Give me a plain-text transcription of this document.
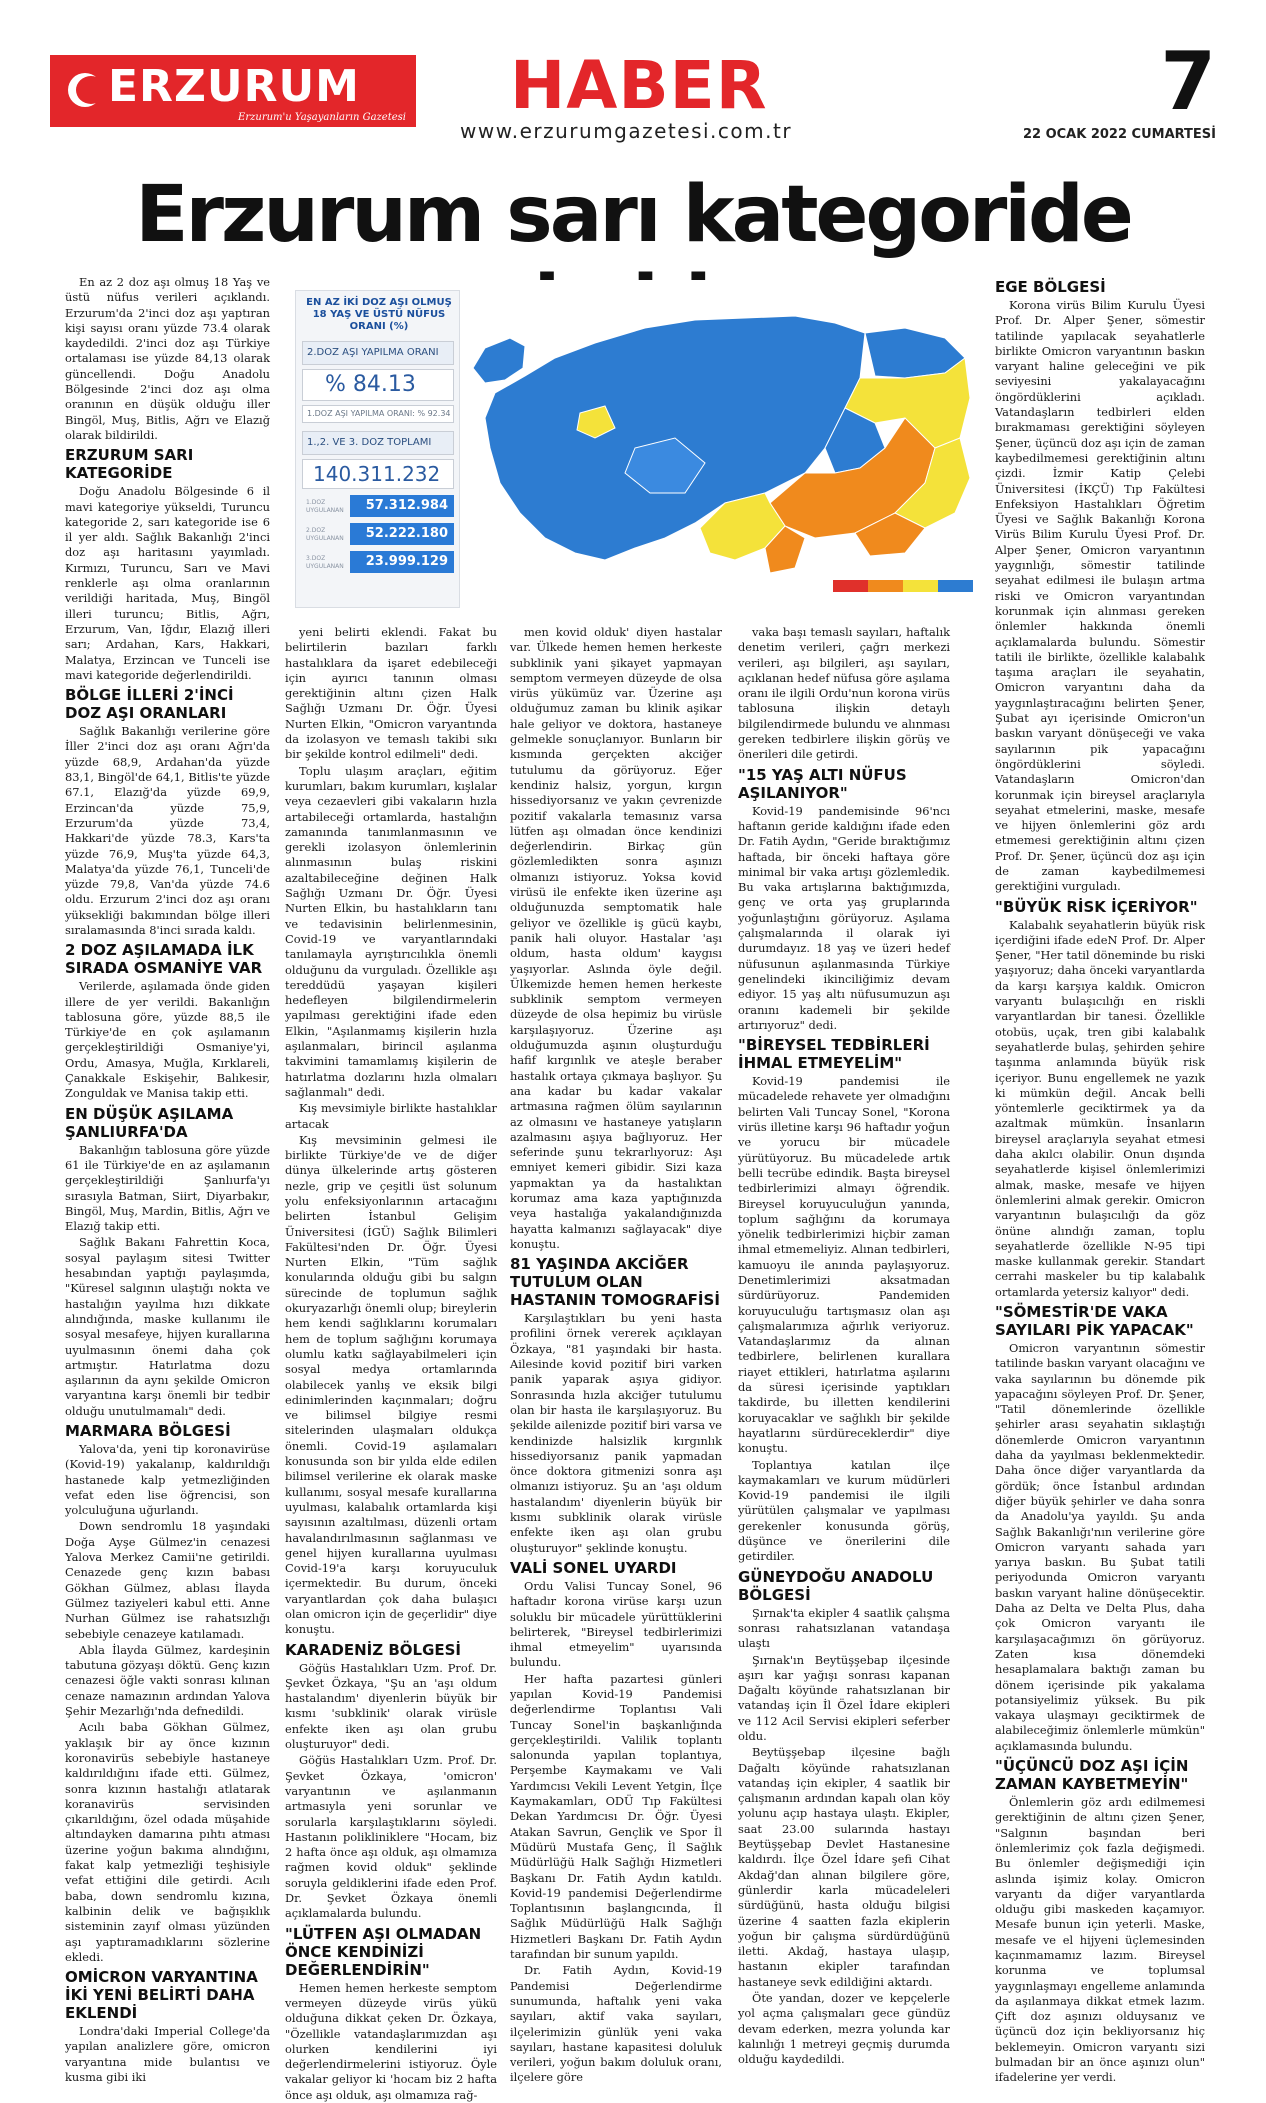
ERZURUM
Erzurum'u Yaşayanların Gazetesi HABER
www.erzurumgazetesi.com.tr
7
22 OCAK 2022 CUMARTESİ
Erzurum sarı kategoride
EN AZ İKİ DOZ AŞI OLMUŞ 18 YAŞ VE ÜSTÜ NÜFUS ORANI (%)
2.DOZ AŞI YAPILMA ORANI
% 84.13
1.DOZ AŞI YAPILMA ORANI: % 92.34
1.,2. VE 3. DOZ TOPLAMI
140.311.232
1.DOZ UYGULANAN	57.312.984
2.DOZ UYGULANAN	52.222.180
3.DOZ UYGULANAN	23.999.129

En az 2 doz aşı olmuş 18 Yaş ve üstü nüfus verileri açıklandı. Erzurum'da 2'inci doz aşı yaptıran kişi sayısı oranı yüzde 73.4 olarak kaydedildi. 2'inci doz aşı Türkiye ortalaması ise yüzde 84,13 olarak güncellendi. Doğu Anadolu Bölgesinde 2'inci doz aşı olma oranının en düşük olduğu iller Bingöl, Muş, Bitlis, Ağrı ve Elazığ olarak bildirildi.

ERZURUM SARI KATEGORİDE

Doğu Anadolu Bölgesinde 6 il mavi kategoriye yükseldi, Turuncu kategoride 2, sarı kategoride ise 6 il yer aldı. Sağlık Bakanlığı 2'inci doz aşı haritasını yayımladı. Kırmızı, Turuncu, Sarı ve Mavi renklerle aşı olma oranlarının verildiği haritada, Muş, Bingöl illeri turuncu; Bitlis, Ağrı, Erzurum, Van, Iğdır, Elazığ illeri sarı; Ardahan, Kars, Hakkari, Malatya, Erzincan ve Tunceli ise mavi kategoride değerlendirildi.

BÖLGE İLLERİ 2'İNCİ DOZ AŞI ORANLARI

Sağlık Bakanlığı verilerine göre İller 2'inci doz aşı oranı Ağrı'da yüzde 68,9, Ardahan'da yüzde 83,1, Bingöl'de 64,1, Bitlis'te yüzde 67.1, Elazığ'da yüzde 69,9, Erzincan'da yüzde 75,9, Erzurum'da yüzde 73,4, Hakkari'de yüzde 78.3, Kars'ta yüzde 76,9, Muş'ta yüzde 64,3, Malatya'da yüzde 76,1, Tunceli'de yüzde 79,8, Van'da yüzde 74.6 oldu. Erzurum 2'inci doz aşı oranı yüksekliği bakımından bölge illeri sıralamasında 8'inci sırada kaldı.

2 DOZ AŞILAMADA İLK SIRADA OSMANİYE VAR

Verilerde, aşılamada önde giden illere de yer verildi. Bakanlığın tablosuna göre, yüzde 88,5 ile Türkiye'de en çok aşılamanın gerçekleştirildiği Osmaniye'yi, Ordu, Amasya, Muğla, Kırklareli, Çanakkale Eskişehir, Balıkesir, Zonguldak ve Manisa takip etti.

EN DÜŞÜK AŞILAMA ŞANLIURFA'DA

Bakanlığın tablosuna göre yüzde 61 ile Türkiye'de en az aşılamanın gerçekleştirildiği Şanlıurfa'yı sırasıyla Batman, Siirt, Diyarbakır, Bingöl, Muş, Mardin, Bitlis, Ağrı ve Elazığ takip etti.

Sağlık Bakanı Fahrettin Koca, sosyal paylaşım sitesi Twitter hesabından yaptığı paylaşımda, "Küresel salgının ulaştığı nokta ve hastalığın yayılma hızı dikkate alındığında, maske kullanımı ile sosyal mesafeye, hijyen kurallarına uyulmasının önemi daha çok artmıştır. Hatırlatma dozu aşılarının da aynı şekilde Omicron varyantına karşı önemli bir tedbir olduğu unutulmamalı" dedi.

MARMARA BÖLGESİ

Yalova'da, yeni tip koronavirüse (Kovid-19) yakalanıp, kaldırıldığı hastanede kalp yetmezliğinden vefat eden lise öğrencisi, son yolculuğuna uğurlandı.

Down sendromlu 18 yaşındaki Doğa Ayşe Gülmez'in cenazesi Yalova Merkez Camii'ne getirildi. Cenazede genç kızın babası Gökhan Gülmez, ablası İlayda Gülmez taziyeleri kabul etti. Anne Nurhan Gülmez ise rahatsızlığı sebebiyle cenazeye katılamadı.

Abla İlayda Gülmez, kardeşinin tabutuna gözyaşı döktü. Genç kızın cenazesi öğle vakti sonrası kılınan cenaze namazının ardından Yalova Şehir Mezarlığı'nda defnedildi.

Acılı baba Gökhan Gülmez, yaklaşık bir ay önce kızının koronavirüs sebebiyle hastaneye kaldırıldığını ifade etti. Gülmez, sonra kızının hastalığı atlatarak koranavirüs servisinden çıkarıldığını, özel odada müşahide altındayken damarına pıhtı atması üzerine yoğun bakıma alındığını, fakat kalp yetmezliği teşhisiyle vefat ettiğini dile getirdi. Acılı baba, down sendromlu kızına, kalbinin delik ve bağışıklık sisteminin zayıf olması yüzünden aşı yaptıramadıklarını sözlerine ekledi.

OMİCRON VARYANTINA İKİ YENİ BELİRTİ DAHA EKLENDİ

Londra'daki Imperial College'da yapılan analizlere göre, omicron varyantına mide bulantısı ve kusma gibi iki

yeni belirti eklendi. Fakat bu belirtilerin bazıları farklı hastalıklara da işaret edebileceği için ayırıcı tanının olması gerektiğinin altını çizen Halk Sağlığı Uzmanı Dr. Öğr. Üyesi Nurten Elkin, "Omicron varyantında da izolasyon ve temaslı takibi sıkı bir şekilde kontrol edilmeli" dedi.

Toplu ulaşım araçları, eğitim kurumları, bakım kurumları, kışlalar veya cezaevleri gibi vakaların hızla artabileceği ortamlarda, hastalığın zamanında tanımlanmasının ve gerekli izolasyon önlemlerinin alınmasının bulaş riskini azaltabileceğine değinen Halk Sağlığı Uzmanı Dr. Öğr. Üyesi Nurten Elkin, bu hastalıkların tanı ve tedavisinin belirlenmesinin, Covid-19 ve varyantlarındaki tanılamayla ayrıştırıcılıkla önemli olduğunu da vurguladı. Özellikle aşı tereddüdü yaşayan kişileri hedefleyen bilgilendirmelerin yapılması gerektiğini ifade eden Elkin, "Aşılanmamış kişilerin hızla aşılanmaları, birincil aşılanma takvimini tamamlamış kişilerin de hatırlatma dozlarını hızla olmaları sağlanmalı" dedi.

Kış mevsimiyle birlikte hastalıklar artacak

Kış mevsiminin gelmesi ile birlikte Türkiye'de ve de diğer dünya ülkelerinde artış gösteren nezle, grip ve çeşitli üst solunum yolu enfeksiyonlarının artacağını belirten İstanbul Gelişim Üniversitesi (İGÜ) Sağlık Bilimleri Fakültesi'nden Dr. Öğr. Üyesi Nurten Elkin, "Tüm sağlık konularında olduğu gibi bu salgın sürecinde de toplumun sağlık okuryazarlığı önemli olup; bireylerin hem kendi sağlıklarını korumaları hem de toplum sağlığını korumaya olumlu katkı sağlayabilmeleri için sosyal medya ortamlarında olabilecek yanlış ve eksik bilgi edinimlerinden kaçınmaları; doğru ve bilimsel bilgiye resmi sitelerinden ulaşmaları oldukça önemli. Covid-19 aşılamaları konusunda son bir yılda elde edilen bilimsel verilerine ek olarak maske kullanımı, sosyal mesafe kurallarına uyulması, kalabalık ortamlarda kişi sayısının azaltılması, düzenli ortam havalandırılmasının sağlanması ve genel hijyen kurallarına uyulması Covid-19'a karşı koruyuculuk içermektedir. Bu durum, önceki varyantlardan çok daha bulaşıcı olan omicron için de geçerlidir" diye konuştu.

KARADENİZ BÖLGESİ

Göğüs Hastalıkları Uzm. Prof. Dr. Şevket Özkaya, "Şu an 'aşı oldum hastalandım' diyenlerin büyük bir kısmı 'subklinik' olarak virüsle enfekte iken aşı olan grubu oluşturuyor" dedi.

Göğüs Hastalıkları Uzm. Prof. Dr. Şevket Özkaya, 'omicron' varyantının ve aşılanmanın artmasıyla yeni sorunlar ve sorularla karşılaştıklarını söyledi. Hastanın polikliniklere "Hocam, biz 2 hafta önce aşı olduk, aşı olmamıza rağmen kovid olduk" şeklinde soruyla geldiklerini ifade eden Prof. Dr. Şevket Özkaya önemli açıklamalarda bulundu.

"LÜTFEN AŞI OLMADAN ÖNCE KENDİNİZİ DEĞERLENDİRİN"

Hemen hemen herkeste semptom vermeyen düzeyde virüs yükü olduğuna dikkat çeken Dr. Özkaya, "Özellikle vatandaşlarımızdan aşı olurken kendilerini iyi değerlendirmelerini istiyoruz. Öyle vakalar geliyor ki 'hocam biz 2 hafta önce aşı olduk, aşı olmamıza rağ-

men kovid olduk' diyen hastalar var. Ülkede hemen hemen herkeste subklinik yani şikayet yapmayan semptom vermeyen düzeyde de olsa virüs yükümüz var. Üzerine aşı olduğumuz zaman bu klinik aşikar hale geliyor ve doktora, hastaneye gelmekle sonuçlanıyor. Bunların bir kısmında gerçekten akciğer tutulumu da görüyoruz. Eğer kendiniz halsiz, yorgun, kırgın hissediyorsanız ve yakın çevrenizde pozitif vakalarla temasınız varsa lütfen aşı olmadan önce kendinizi değerlendirin. Birkaç gün gözlemledikten sonra aşınızı olmanızı istiyoruz. Yoksa kovid virüsü ile enfekte iken üzerine aşı olduğunuzda semptomatik hale geliyor ve özellikle iş gücü kaybı, panik hali oluyor. Hastalar 'aşı oldum, hasta oldum' kaygısı yaşıyorlar. Aslında öyle değil. Ülkemizde hemen hemen herkeste subklinik semptom vermeyen düzeyde de olsa hepimiz bu virüsle karşılaşıyoruz. Üzerine aşı olduğumuzda aşının oluşturduğu hafif kırgınlık ve ateşle beraber hastalık ortaya çıkmaya başlıyor. Şu ana kadar bu kadar vakalar artmasına rağmen ölüm sayılarının az olmasını ve hastaneye yatışların azalmasını aşıya bağlıyoruz. Her seferinde şunu tekrarlıyoruz: Aşı emniyet kemeri gibidir. Sizi kaza yapmaktan ya da hastalıktan korumaz ama kaza yaptığınızda veya hastalığa yakalandığınızda hayatta kalmanızı sağlayacak" diye konuştu.

81 YAŞINDA AKCİĞER TUTULUM OLAN HASTANIN TOMOGRAFİSİ

Karşılaştıkları bu yeni hasta profilini örnek vererek açıklayan Özkaya, "81 yaşındaki bir hasta. Ailesinde kovid pozitif biri varken panik yaparak aşıya gidiyor. Sonrasında hızla akciğer tutulumu olan bir hasta ile karşılaşıyoruz. Bu şekilde ailenizde pozitif biri varsa ve kendinizde halsizlik kırgınlık hissediyorsanız panik yapmadan önce doktora gitmenizi sonra aşı olmanızı istiyoruz. Şu an 'aşı oldum hastalandım' diyenlerin büyük bir kısmı subklinik olarak virüsle enfekte iken aşı olan grubu oluşturuyor" şeklinde konuştu.

VALİ SONEL UYARDI

Ordu Valisi Tuncay Sonel, 96 haftadır korona virüse karşı uzun soluklu bir mücadele yürüttüklerini belirterek, "Bireysel tedbirlerimizi ihmal etmeyelim" uyarısında bulundu.

Her hafta pazartesi günleri yapılan Kovid-19 Pandemisi değerlendirme Toplantısı Vali Tuncay Sonel'in başkanlığında gerçekleştirildi. Valilik toplantı salonunda yapılan toplantıya, Perşembe Kaymakamı ve Vali Yardımcısı Vekili Levent Yetgin, İlçe Kaymakamları, ODÜ Tıp Fakültesi Dekan Yardımcısı Dr. Öğr. Üyesi Atakan Savrun, Gençlik ve Spor İl Müdürü Mustafa Genç, İl Sağlık Müdürlüğü Halk Sağlığı Hizmetleri Başkanı Dr. Fatih Aydın katıldı. Kovid-19 pandemisi Değerlendirme Toplantısının başlangıcında, İl Sağlık Müdürlüğü Halk Sağlığı Hizmetleri Başkanı Dr. Fatih Aydın tarafından bir sunum yapıldı.

Dr. Fatih Aydın, Kovid-19 Pandemisi Değerlendirme sunumunda, haftalık yeni vaka sayıları, aktif vaka sayıları, ilçelerimizin günlük yeni vaka sayıları, hastane kapasitesi doluluk verileri, yoğun bakım doluluk oranı, ilçelere göre

vaka başı temaslı sayıları, haftalık denetim verileri, çağrı merkezi verileri, aşı bilgileri, aşı sayıları, açıklanan hedef nüfusa göre aşılama oranı ile ilgili Ordu'nun korona virüs tablosuna ilişkin detaylı bilgilendirmede bulundu ve alınması gereken tedbirlere ilişkin görüş ve önerileri dile getirdi.

"15 YAŞ ALTI NÜFUS AŞILANIYOR"

Kovid-19 pandemisinde 96'ncı haftanın geride kaldığını ifade eden Dr. Fatih Aydın, "Geride bıraktığımız haftada, bir önceki haftaya göre minimal bir vaka artışı gözlemledik. Bu vaka artışlarına baktığımızda, genç ve orta yaş gruplarında yoğunlaştığını görüyoruz. Aşılama çalışmalarında il olarak iyi durumdayız. 18 yaş ve üzeri hedef nüfusunun aşılanmasında Türkiye genelindeki ikinciliğimiz devam ediyor. 15 yaş altı nüfusumuzun aşı oranını kademeli bir şekilde artırıyoruz" dedi.

"BİREYSEL TEDBİRLERİ İHMAL ETMEYELİM"

Kovid-19 pandemisi ile mücadelede rehavete yer olmadığını belirten Vali Tuncay Sonel, "Korona virüs illetine karşı 96 haftadır yoğun ve yorucu bir mücadele yürütüyoruz. Bu mücadelede artık belli tecrübe edindik. Başta bireysel tedbirlerimizi almayı öğrendik. Bireysel koruyuculuğun yanında, toplum sağlığını da korumaya yönelik tedbirlerimizi hiçbir zaman ihmal etmemeliyiz. Alınan tedbirleri, kamuoyu ile anında paylaşıyoruz. Denetimlerimizi aksatmadan sürdürüyoruz. Pandemiden koruyuculuğu tartışmasız olan aşı çalışmalarımıza ağırlık veriyoruz. Vatandaşlarımız da alınan tedbirlere, belirlenen kurallara riayet ettikleri, hatırlatma aşılarını da süresi içerisinde yaptıkları takdirde, bu illetten kendilerini koruyacaklar ve sağlıklı bir şekilde hayatlarını sürdüreceklerdir" diye konuştu.

Toplantıya katılan ilçe kaymakamları ve kurum müdürleri Kovid-19 pandemisi ile ilgili yürütülen çalışmalar ve yapılması gerekenler konusunda görüş, düşünce ve önerilerini dile getirdiler.

GÜNEYDOĞU ANADOLU BÖLGESİ

Şırnak'ta ekipler 4 saatlik çalışma sonrası rahatsızlanan vatandaşa ulaştı

Şırnak'ın Beytüşşebap ilçesinde aşırı kar yağışı sonrası kapanan Dağaltı köyünde rahatsızlanan bir vatandaş için İl Özel İdare ekipleri ve 112 Acil Servisi ekipleri seferber oldu.

Beytüşşebap ilçesine bağlı Dağaltı köyünde rahatsızlanan vatandaş için ekipler, 4 saatlik bir çalışmanın ardından kapalı olan köy yolunu açıp hastaya ulaştı. Ekipler, saat 23.00 sularında hastayı Beytüşşebap Devlet Hastanesine kaldırdı. İlçe Özel İdare şefi Cihat Akdağ'dan alınan bilgilere göre, günlerdir karla mücadeleleri sürdüğünü, hasta olduğu bilgisi üzerine 4 saatten fazla ekiplerin yoğun bir çalışma sürdürdüğünü iletti. Akdağ, hastaya ulaşıp, hastanın ekipler tarafından hastaneye sevk edildiğini aktardı.

Öte yandan, dozer ve kepçelerle yol açma çalışmaları gece gündüz devam ederken, mezra yolunda kar kalınlığı 1 metreyi geçmiş durumda olduğu kaydedildi.

EGE BÖLGESİ

Korona virüs Bilim Kurulu Üyesi Prof. Dr. Alper Şener, sömestir tatilinde yapılacak seyahatlerle birlikte Omicron varyantının baskın varyant haline geleceğini ve pik seviyesini yakalayacağını öngördüklerini açıkladı. Vatandaşların tedbirleri elden bırakmaması gerektiğini söyleyen Şener, üçüncü doz aşı için de zaman kaybedilmemesi gerektiğinin altını çizdi. İzmir Katip Çelebi Üniversitesi (İKÇÜ) Tıp Fakültesi Enfeksiyon Hastalıkları Öğretim Üyesi ve Sağlık Bakanlığı Korona Virüs Bilim Kurulu Üyesi Prof. Dr. Alper Şener, Omicron varyantının yaygınlığı, sömestir tatilinde seyahat edilmesi ile bulaşın artma riski ve Omicron varyantından korunmak için alınması gereken önlemler hakkında önemli açıklamalarda bulundu. Sömestir tatili ile birlikte, özellikle kalabalık taşıma araçları ile seyahatin, Omicron varyantını daha da yaygınlaştıracağını belirten Şener, Şubat ayı içerisinde Omicron'un baskın varyant dönüşeceği ve vaka sayılarının pik yapacağını öngördüklerini söyledi. Vatandaşların Omicron'dan korunmak için bireysel araçlarıyla seyahat etmelerini, maske, mesafe ve hijyen önlemlerini göz ardı etmemesi gerektiğinin altını çizen Prof. Dr. Şener, üçüncü doz aşı için de zaman kaybedilmemesi gerektiğini vurguladı.

"BÜYÜK RİSK İÇERİYOR"

Kalabalık seyahatlerin büyük risk içerdiğini ifade edeN Prof. Dr. Alper Şener, "Her tatil döneminde bu riski yaşıyoruz; daha önceki varyantlarda da karşı karşıya kaldık. Omicron varyantı bulaşıcılığı en riskli varyantlardan bir tanesi. Özellikle otobüs, uçak, tren gibi kalabalık seyahatlerde bulaş, şehirden şehire taşınma anlamında büyük risk içeriyor. Bunu engellemek ne yazık ki mümkün değil. Ancak belli yöntemlerle geciktirmek ya da azaltmak mümkün. İnsanların bireysel araçlarıyla seyahat etmesi daha akılcı olabilir. Onun dışında seyahatlerde kişisel önlemlerimizi almak, maske, mesafe ve hijyen önlemlerini almak gerekir. Omicron varyantının bulaşıcılığı da göz önüne alındığı zaman, toplu seyahatlerde özellikle N-95 tipi maske kullanmak gerekir. Standart cerrahi maskeler bu tip kalabalık ortamlarda yetersiz kalıyor" dedi.

"SÖMESTİR'DE VAKA SAYILARI PİK YAPACAK"

Omicron varyantının sömestir tatilinde baskın varyant olacağını ve vaka sayılarının bu dönemde pik yapacağını söyleyen Prof. Dr. Şener, "Tatil dönemlerinde özellikle şehirler arası seyahatin sıklaştığı dönemlerde Omicron varyantının daha da yayılması beklenmektedir. Daha önce diğer varyantlarda da gördük; önce İstanbul ardından diğer büyük şehirler ve daha sonra da Anadolu'ya yayıldı. Şu anda Sağlık Bakanlığı'nın verilerine göre Omicron varyantı sahada yarı yarıya baskın. Bu Şubat tatili periyodunda Omicron varyantı baskın varyant haline dönüşecektir. Daha az Delta ve Delta Plus, daha çok Omicron varyantı ile karşılaşacağımızı ön görüyoruz. Zaten kısa dönemdeki hesaplamalara baktığı zaman bu dönem içerisinde pik yakalama potansiyelimiz yüksek. Bu pik vakaya ulaşmayı geciktirmek de alabileceğimiz önlemlerle mümkün" açıklamasında bulundu.

"ÜÇÜNCÜ DOZ AŞI İÇİN ZAMAN KAYBETMEYİN"

Önlemlerin göz ardı edilmemesi gerektiğinin de altını çizen Şener, "Salgının başından beri önlemlerimiz çok fazla değişmedi. Bu önlemler değişmediği için aslında işimiz kolay. Omicron varyantı da diğer varyantlarda olduğu gibi maskeden kaçamıyor. Mesafe bunun için yeterli. Maske, mesafe ve el hijyeni üçlemesinden kaçınmamamız lazım. Bireysel korunma ve toplumsal yaygınlaşmayı engelleme anlamında da aşılanmaya dikkat etmek lazım. Çift doz aşınızı olduysanız ve üçüncü doz için bekliyorsanız hiç beklemeyin. Omicron varyantı sizi bulmadan bir an önce aşınızı olun" ifadelerine yer verdi.
